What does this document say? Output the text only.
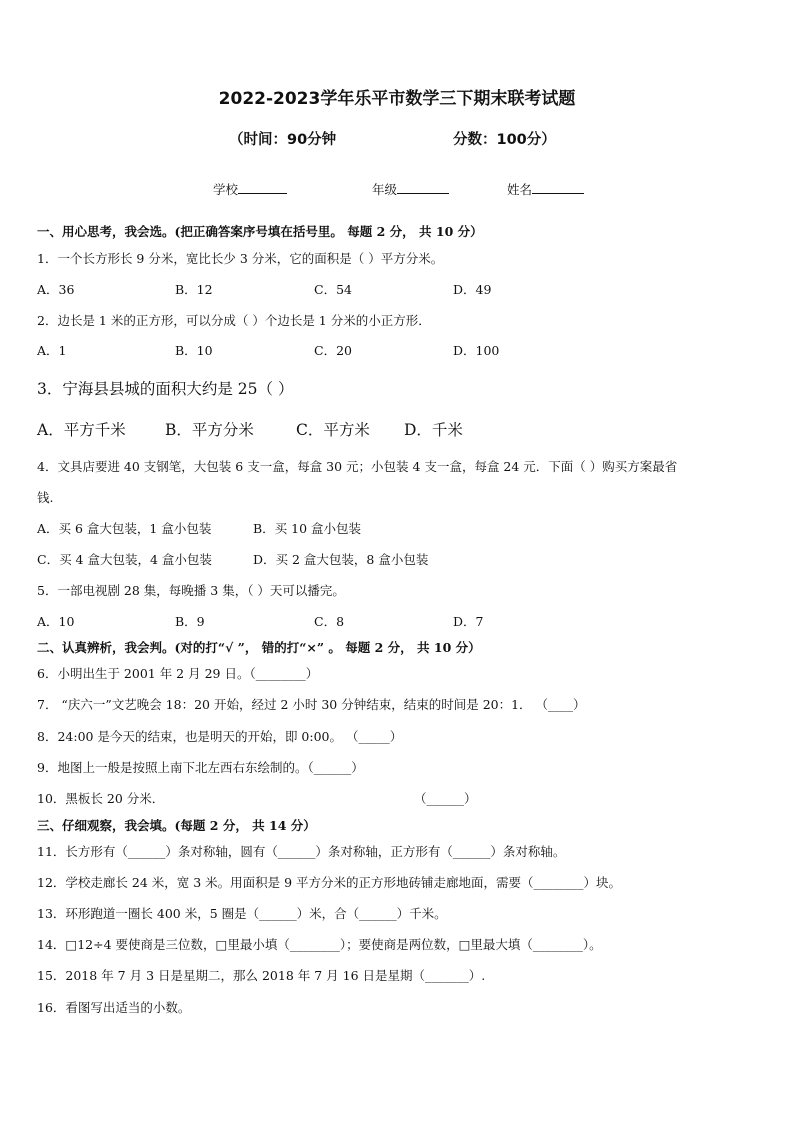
2022-2023学年乐平市数学三下期末联考试题
（时间：90分钟	分数：100分）
学校	年级	姓名
一、用心思考，我会选。(把正确答案序号填在括号里。 每题 2 分， 共 10 分）
1．一个长方形长 9 分米，宽比长少 3 分米，它的面积是（ ）平方分米。
A．36	B．12	C．54	D．49
2．边长是 1 米的正方形，可以分成（ ）个边长是 1 分米的小正方形．
A．1	B．10	C．20	D．100
3．宁海县县城的面积大约是 25（ ）
A．平方千米	B．平方分米	C．平方米 D．千米
4．文具店要进 40 支钢笔，大包装 6 支一盒，每盒 30 元；小包装 4 支一盒，每盒 24 元．下面（ ）购买方案最省
钱.
A．买 6 盒大包装，1 盒小包装	B．买 10 盒小包装
C．买 4 盒大包装，4 盒小包装	D．买 2 盒大包装，8 盒小包装
5．一部电视剧 28 集，每晚播 3 集，（ ）天可以播完。
A．10	B．9	C．8	D．7
二、认真辨析，我会判。(对的打“√ ”， 错的打“×” 。 每题 2 分， 共 10 分）
6．小明出生于 2001 年 2 月 29 日。（________）
7． “庆六一”文艺晚会 18：20 开始，经过 2 小时 30 分钟结束，结束的时间是 20：1． （____）
8．24:00 是今天的结束，也是明天的开始，即 0:00。 （_____）
9．地图上一般是按照上南下北左西右东绘制的。（______）
10．黑板长 20 分米．	（______）
三、仔细观察，我会填。(每题 2 分， 共 14 分）
11．长方形有（______）条对称轴，圆有（______）条对称轴，正方形有（______）条对称轴。
12．学校走廊长 24 米，宽 3 米。用面积是 9 平方分米的正方形地砖铺走廊地面，需要（________）块。
13．环形跑道一圈长 400 米，5 圈是（______）米，合（______）千米。
14．□12÷4 要使商是三位数，□里最小填（________）；要使商是两位数，□里最大填（________）。
15．2018 年 7 月 3 日是星期二，那么 2018 年 7 月 16 日是星期（_______）.
16．看图写出适当的小数。
